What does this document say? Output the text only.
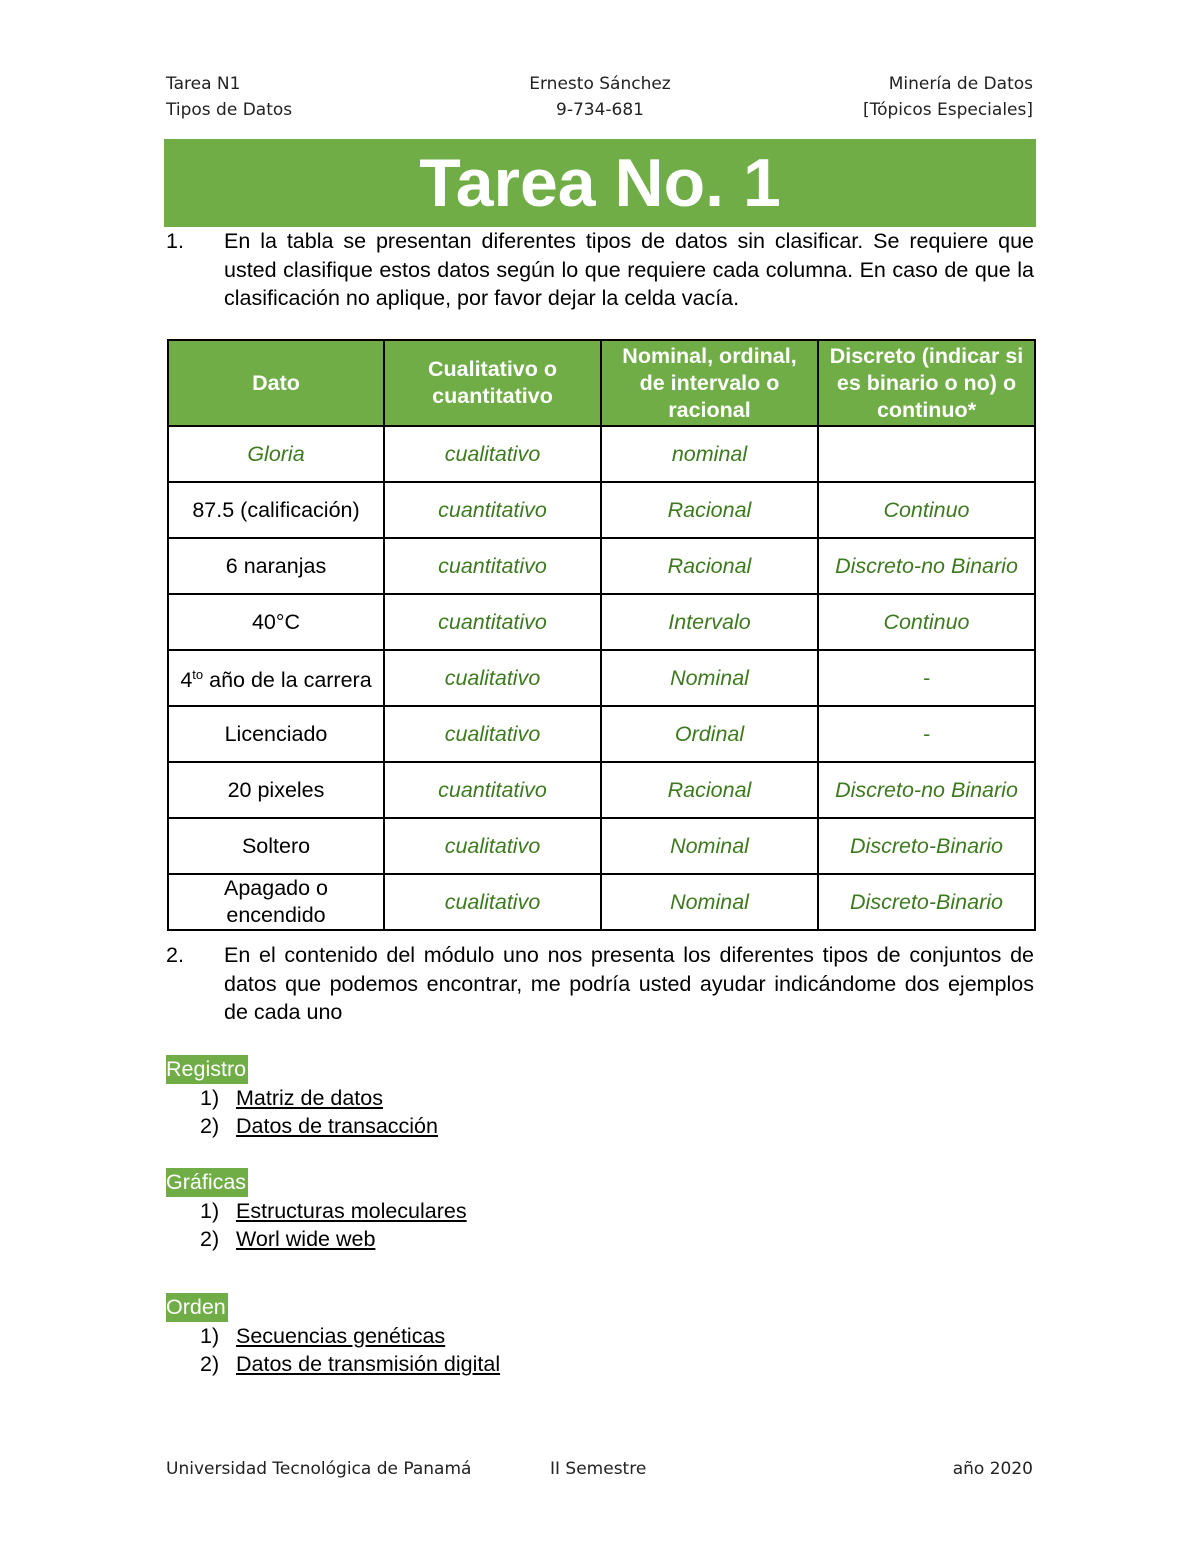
Tarea N1
Tipos de Datos
Ernesto Sánchez
9-734-681
Minería de Datos
[Tópicos Especiales]
Tarea No. 1
1. En la tabla se presentan diferentes tipos de datos sin clasificar. Se requiere que usted clasifique estos datos según lo que requiere cada columna. En caso de que la clasificación no aplique, por favor dejar la celda vacía.
Dato	Cualitativo o cuantitativo	Nominal, ordinal, de intervalo o racional	Discreto (indicar si es binario o no) o continuo*
Gloria	cualitativo	nominal	
87.5 (calificación)	cuantitativo	Racional	Continuo
6 naranjas	cuantitativo	Racional	Discreto-no Binario
40°C	cuantitativo	Intervalo	Continuo
$4^{to}$ año de la carrera	cualitativo	Nominal	-
Licenciado	cualitativo	Ordinal	-
20 pixeles	cuantitativo	Racional	Discreto-no Binario
Soltero	cualitativo	Nominal	Discreto-Binario
Apagado o encendido	cualitativo	Nominal	Discreto-Binario
2. En el contenido del módulo uno nos presenta los diferentes tipos de conjuntos de datos que podemos encontrar, me podría usted ayudar indicándome dos ejemplos de cada uno
Registro
1) Matriz de datos
2) Datos de transacción
Gráficas
1) Estructuras moleculares
2) Worl wide web
Orden
1) Secuencias genéticas
2) Datos de transmisión digital
Universidad Tecnológica de Panamá	II Semestre	año 2020
